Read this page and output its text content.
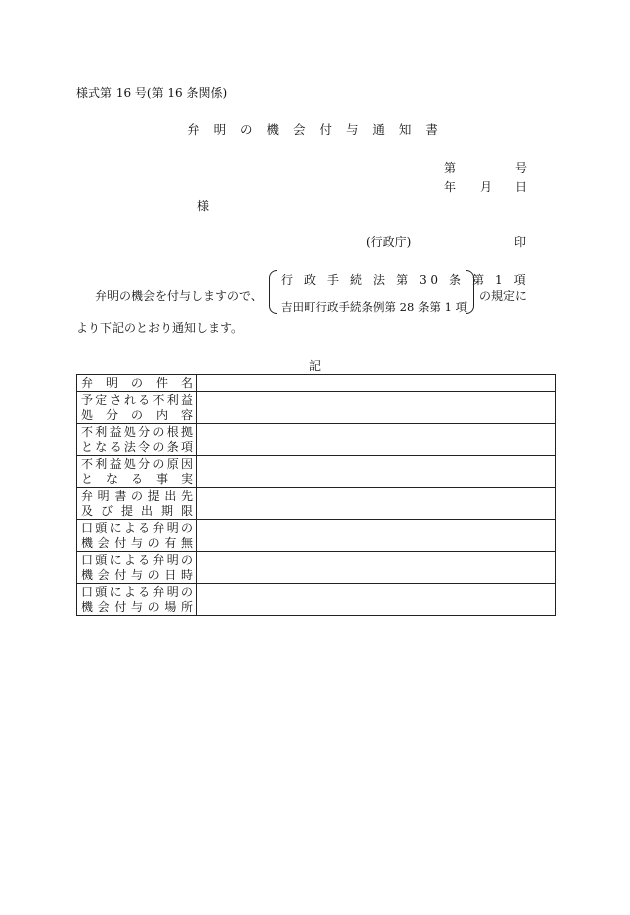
様式第 16 号(第 16 条関係)
弁 明 の 機 会 付 与 通 知 書
第	号
年 月 日
様
(行政庁)	印
弁明の機会を付与しますので、
行 政 手 続 法 第 30 条 第 1 項
吉田町行政手続条例第 28 条第 1 項
の規定に
より下記のとおり通知します。
記
弁 明 の 件 名	

予定される不利益
処 分 の 内 容	

不利益処分の根拠
となる法令の条項	

不利益処分の原因
と な る 事 実	

弁明書の提出先
及 び 提 出 期 限	

口頭による弁明の
機 会 付 与 の 有 無	

口頭による弁明の
機 会 付 与 の 日 時	

口頭による弁明の
機 会 付 与 の 場 所	
